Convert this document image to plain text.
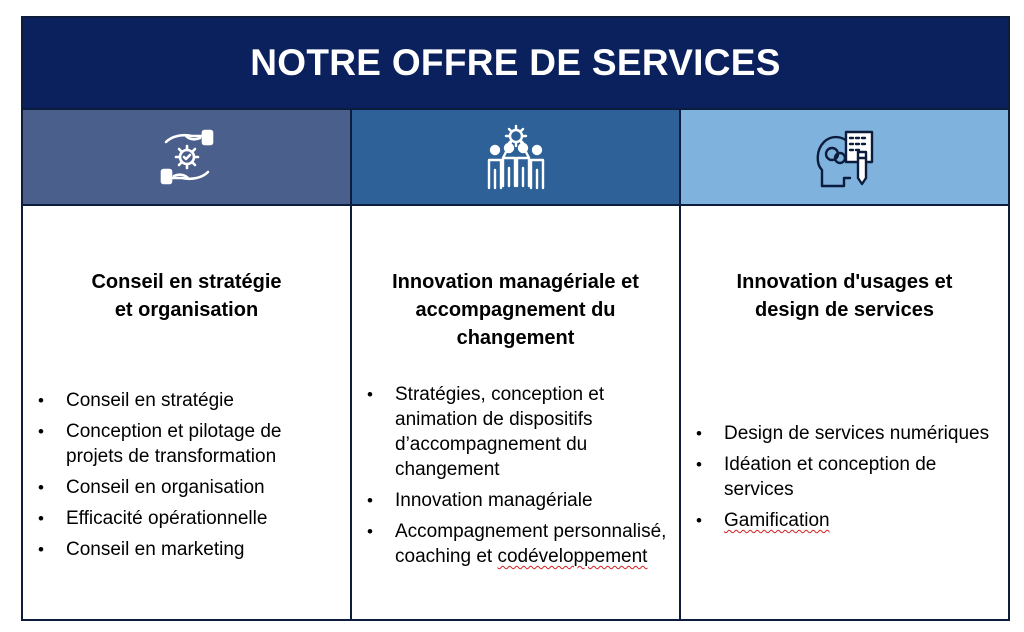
NOTRE OFFRE DE SERVICES
Conseil en stratégie
et organisation
• Conseil en stratégie
• Conception et pilotage de projets de transformation
• Conseil en organisation
• Efficacité opérationnelle
• Conseil en marketing
Innovation managériale et
accompagnement du
changement
• Stratégies, conception et animation de dispositifs d’accompagnement du changement
• Innovation managériale
• Accompagnement personnalisé, coaching et codéveloppement
Innovation d'usages et
design de services
• Design de services numériques
• Idéation et conception de services
• Gamification
